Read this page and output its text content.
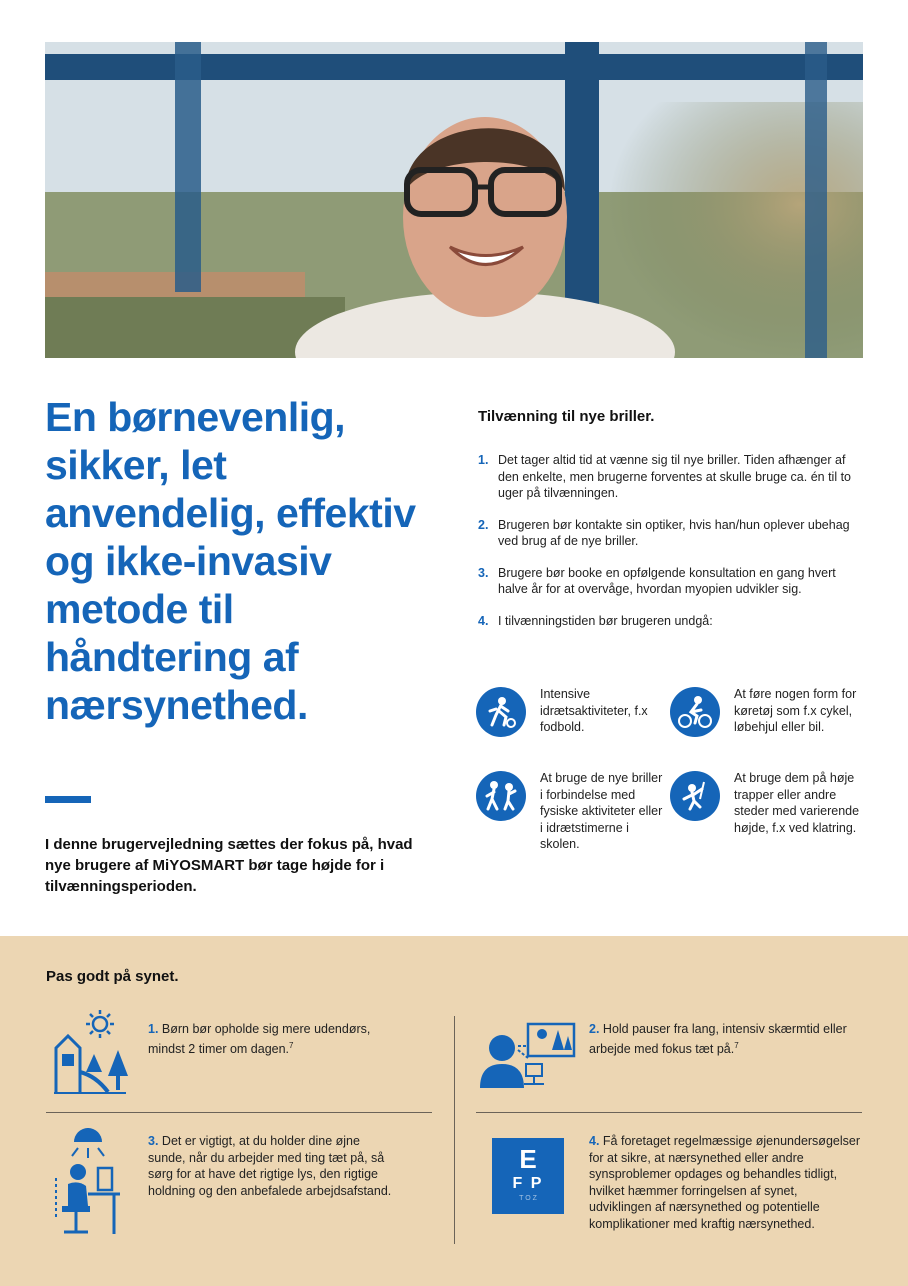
En børnevenlig, sikker, let anvendelig, effektiv og ikke-invasiv metode til håndtering af nærsynethed.

I denne brugervejledning sættes der fokus på, hvad nye brugere af MiYOSMART bør tage højde for i tilvænningsperioden.

Tilvænning til nye briller.
1. Det tager altid tid at vænne sig til nye briller. Tiden afhænger af den enkelte, men brugerne forventes at skulle bruge ca. én til to uger på tilvænningen.
2. Brugeren bør kontakte sin optiker, hvis han/hun oplever ubehag ved brug af de nye briller.
3. Brugere bør booke en opfølgende konsultation en gang hvert halve år for at overvåge, hvordan myopien udvikler sig.
4. I tilvænningstiden bør brugeren undgå:
Intensive idrætsaktiviteter, f.x fodbold.
At føre nogen form for køretøj som f.x cykel, løbehjul eller bil.
At bruge de nye briller i forbindelse med fysiske aktiviteter eller i idrætstimerne i skolen.
At bruge dem på høje trapper eller andre steder med varierende højde, f.x ved klatring.
Pas godt på synet.
1. Børn bør opholde sig mere udendørs, mindst 2 timer om dagen.$^7$
2. Hold pauser fra lang, intensiv skærmtid eller arbejde med fokus tæt på.$^7$
3. Det er vigtigt, at du holder dine øjne sunde, når du arbejder med ting tæt på, så sørg for at have det rigtige lys, den rigtige holdning og den anbefalede arbejdsafstand.
E
F P
T O Z
4. Få foretaget regelmæssige øjenundersøgelser for at sikre, at nærsynethed eller andre synsproblemer opdages og behandles tidligt, hvilket hæmmer forringelsen af synet, udviklingen af nærsynethed og potentielle komplikationer med kraftig nærsynethed.
